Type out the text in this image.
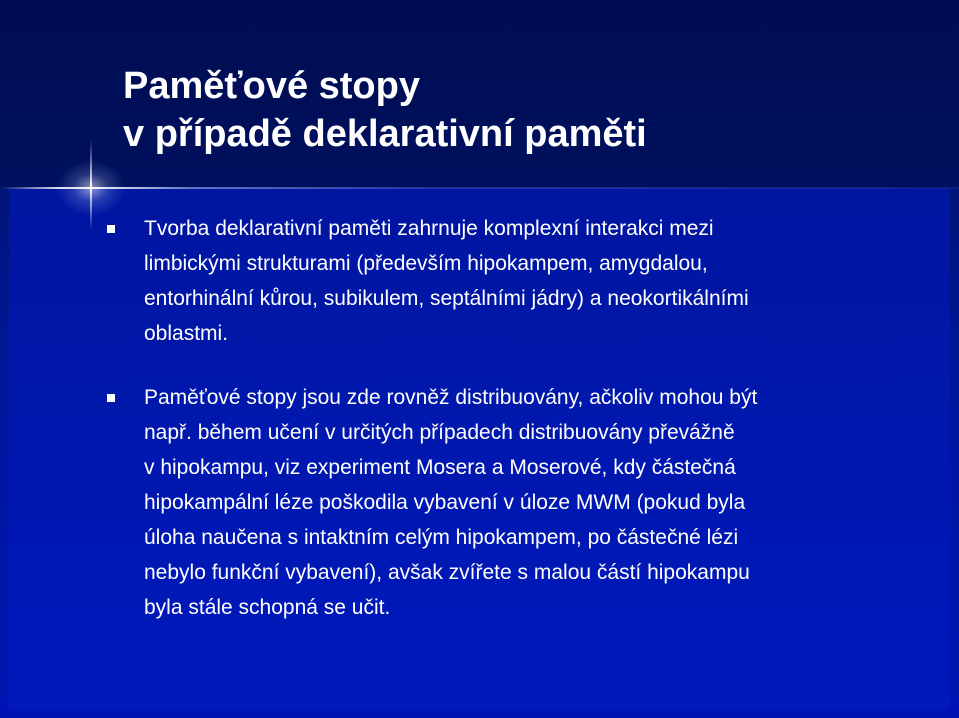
Paměťové stopy
v případě deklarativní paměti
Tvorba deklarativní paměti zahrnuje komplexní interakci mezi
limbickými strukturami (především hipokampem, amygdalou,
entorhinální kůrou, subikulem, septálními jádry) a neokortikálními
oblastmi.
Paměťové stopy jsou zde rovněž distribuovány, ačkoliv mohou být
např. během učení v určitých případech distribuovány převážně
v hipokampu, viz experiment Mosera a Moserové, kdy částečná
hipokampální léze poškodila vybavení v úloze MWM (pokud byla
úloha naučena s intaktním celým hipokampem, po částečné lézi
nebylo funkční vybavení), avšak zvířete s malou částí hipokampu
byla stále schopná se učit.
